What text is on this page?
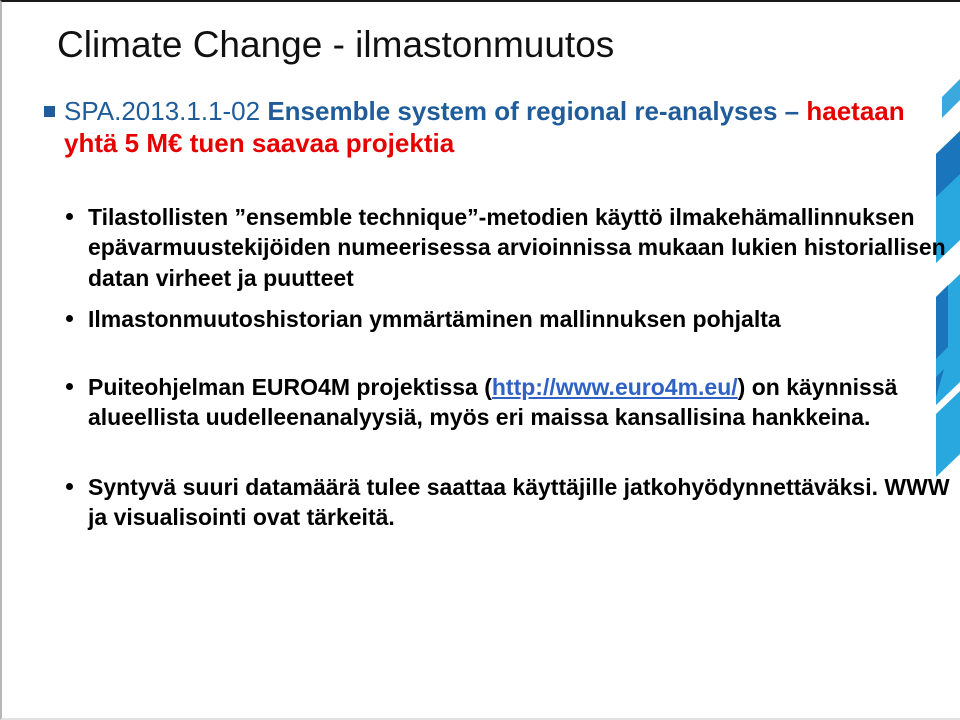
Climate Change - ilmastonmuutos
SPA.2013.1.1-02 Ensemble system of regional re-analyses – haetaan yhtä 5 M€ tuen saavaa projektia
Tilastollisten ”ensemble technique”-metodien käyttö ilmakehämallinnuksen epävarmuustekijöiden numeerisessa arvioinnissa mukaan lukien historiallisen datan virheet ja puutteet
Ilmastonmuutoshistorian ymmärtäminen mallinnuksen pohjalta
Puiteohjelman EURO4M projektissa (http://www.euro4m.eu/) on käynnissä alueellista uudelleenanalyysiä, myös eri maissa kansallisina hankkeina.
Syntyvä suuri datamäärä tulee saattaa käyttäjille jatkohyödynnettäväksi. WWW ja visualisointi ovat tärkeitä.
